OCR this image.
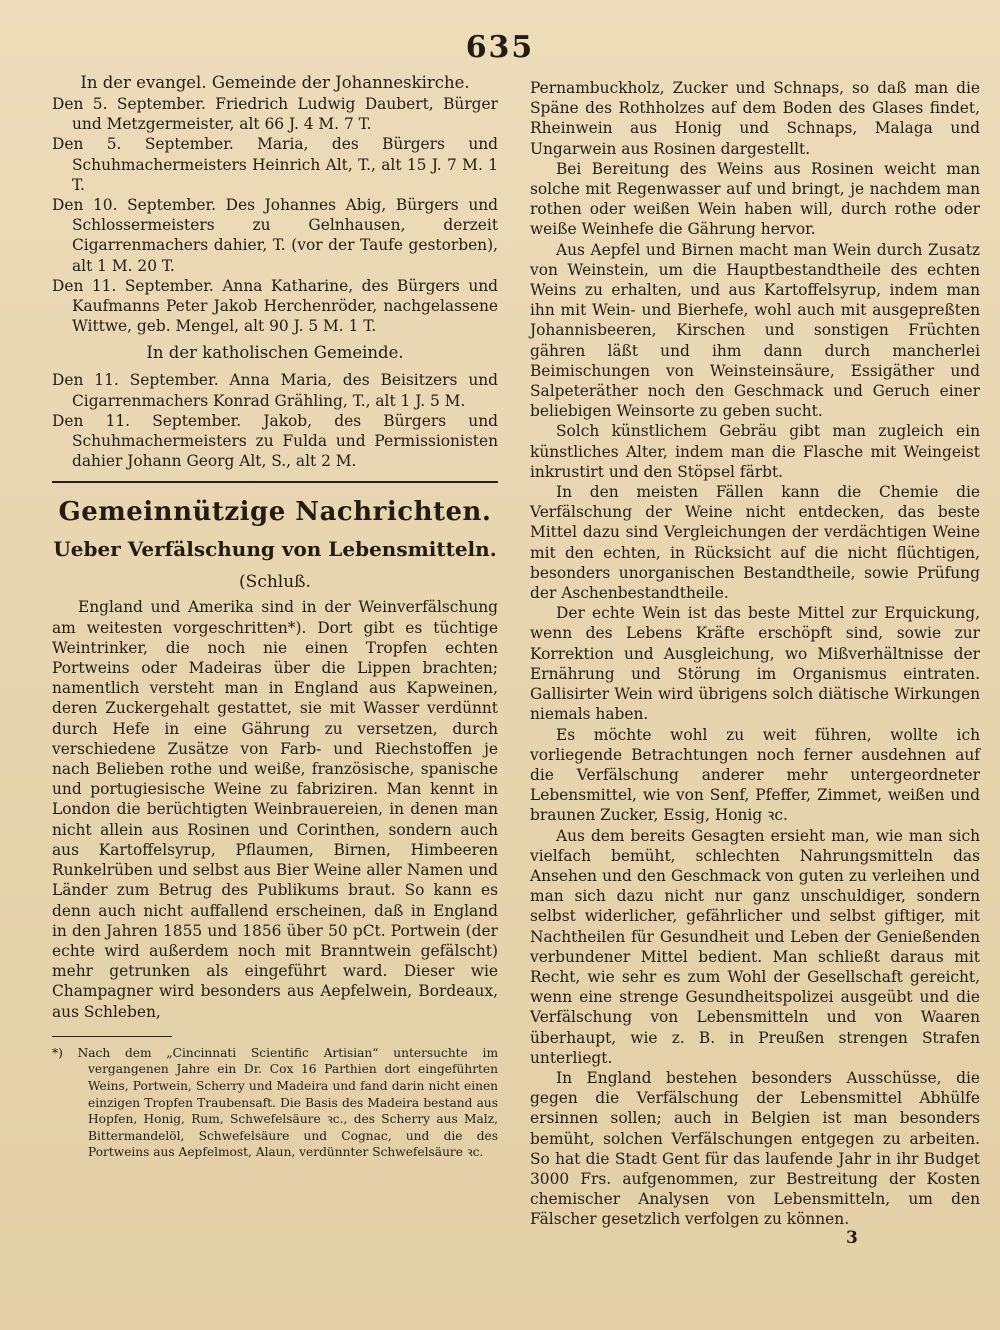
635

In der evangel. Gemeinde der Johanneskirche.

Den 5. September. Friedrich Ludwig Daubert, Bürger und Metzgermeister, alt 66 J. 4 M. 7 T.

Den 5. September. Maria, des Bürgers und Schuhmachermeisters Heinrich Alt, T., alt 15 J. 7 M. 1 T.

Den 10. September. Des Johannes Abig, Bürgers und Schlossermeisters zu Gelnhausen, derzeit Cigarrenmachers dahier, T. (vor der Taufe gestorben), alt 1 M. 20 T.

Den 11. September. Anna Katharine, des Bürgers und Kaufmanns Peter Jakob Herchenröder, nachgelassene Wittwe, geb. Mengel, alt 90 J. 5 M. 1 T.

In der katholischen Gemeinde.

Den 11. September. Anna Maria, des Beisitzers und Cigarrenmachers Konrad Grähling, T., alt 1 J. 5 M.

Den 11. September. Jakob, des Bürgers und Schuhmachermeisters zu Fulda und Permissionisten dahier Johann Georg Alt, S., alt 2 M.

Gemeinnützige Nachrichten.
Ueber Verfälschung von Lebensmitteln.
(Schluß.

England und Amerika sind in der Weinverfälschung am weitesten vorgeschritten*). Dort gibt es tüchtige Weintrinker, die noch nie einen Tropfen echten Portweins oder Madeiras über die Lippen brachten; namentlich versteht man in England aus Kapweinen, deren Zuckergehalt gestattet, sie mit Wasser verdünnt durch Hefe in eine Gährung zu versetzen, durch verschiedene Zusätze von Farb- und Riechstoffen je nach Belieben rothe und weiße, französische, spanische und portugiesische Weine zu fabriziren. Man kennt in London die berüchtigten Weinbrauereien, in denen man nicht allein aus Rosinen und Corinthen, sondern auch aus Kartoffelsyrup, Pflaumen, Birnen, Himbeeren Runkelrüben und selbst aus Bier Weine aller Namen und Länder zum Betrug des Publikums braut. So kann es denn auch nicht auffallend erscheinen, daß in England in den Jahren 1855 und 1856 über 50 pCt. Portwein (der echte wird außerdem noch mit Branntwein gefälscht) mehr getrunken als eingeführt ward. Dieser wie Champagner wird besonders aus Aepfelwein, Bordeaux, aus Schleben,

*) Nach dem „Cincinnati Scientific Artisian“ untersuchte im vergangenen Jahre ein Dr. Cox 16 Parthien dort eingeführten Weins, Portwein, Scherry und Madeira und fand darin nicht einen einzigen Tropfen Traubensaft. Die Basis des Madeira bestand aus Hopfen, Honig, Rum, Schwefelsäure ꝛc., des Scherry aus Malz, Bittermandelöl, Schwefelsäure und Cognac, und die des Portweins aus Aepfelmost, Alaun, verdünnter Schwefelsäure ꝛc.

Pernambuckholz, Zucker und Schnaps, so daß man die Späne des Rothholzes auf dem Boden des Glases findet, Rheinwein aus Honig und Schnaps, Malaga und Ungarwein aus Rosinen dargestellt.

Bei Bereitung des Weins aus Rosinen weicht man solche mit Regenwasser auf und bringt, je nachdem man rothen oder weißen Wein haben will, durch rothe oder weiße Weinhefe die Gährung hervor.

Aus Aepfel und Birnen macht man Wein durch Zusatz von Weinstein, um die Hauptbestandtheile des echten Weins zu erhalten, und aus Kartoffelsyrup, indem man ihn mit Wein- und Bierhefe, wohl auch mit ausgepreßten Johannisbeeren, Kirschen und sonstigen Früchten gähren läßt und ihm dann durch mancherlei Beimischungen von Weinsteinsäure, Essigäther und Salpeteräther noch den Geschmack und Geruch einer beliebigen Weinsorte zu geben sucht.

Solch künstlichem Gebräu gibt man zugleich ein künstliches Alter, indem man die Flasche mit Weingeist inkrustirt und den Stöpsel färbt.

In den meisten Fällen kann die Chemie die Verfälschung der Weine nicht entdecken, das beste Mittel dazu sind Vergleichungen der verdächtigen Weine mit den echten, in Rücksicht auf die nicht flüchtigen, besonders unorganischen Bestandtheile, sowie Prüfung der Aschenbestandtheile.

Der echte Wein ist das beste Mittel zur Erquickung, wenn des Lebens Kräfte erschöpft sind, sowie zur Korrektion und Ausgleichung, wo Mißverhältnisse der Ernährung und Störung im Organismus eintraten. Gallisirter Wein wird übrigens solch diätische Wirkungen niemals haben.

Es möchte wohl zu weit führen, wollte ich vorliegende Betrachtungen noch ferner ausdehnen auf die Verfälschung anderer mehr untergeordneter Lebensmittel, wie von Senf, Pfeffer, Zimmet, weißen und braunen Zucker, Essig, Honig ꝛc.

Aus dem bereits Gesagten ersieht man, wie man sich vielfach bemüht, schlechten Nahrungsmitteln das Ansehen und den Geschmack von guten zu verleihen und man sich dazu nicht nur ganz unschuldiger, sondern selbst widerlicher, gefährlicher und selbst giftiger, mit Nachtheilen für Gesundheit und Leben der Genießenden verbundener Mittel bedient. Man schließt daraus mit Recht, wie sehr es zum Wohl der Gesellschaft gereicht, wenn eine strenge Gesundheitspolizei ausgeübt und die Verfälschung von Lebensmitteln und von Waaren überhaupt, wie z. B. in Preußen strengen Strafen unterliegt.

In England bestehen besonders Ausschüsse, die gegen die Verfälschung der Lebensmittel Abhülfe ersinnen sollen; auch in Belgien ist man besonders bemüht, solchen Verfälschungen entgegen zu arbeiten. So hat die Stadt Gent für das laufende Jahr in ihr Budget 3000 Frs. aufgenommen, zur Bestreitung der Kosten chemischer Analysen von Lebensmitteln, um den Fälscher gesetzlich verfolgen zu können.

3
